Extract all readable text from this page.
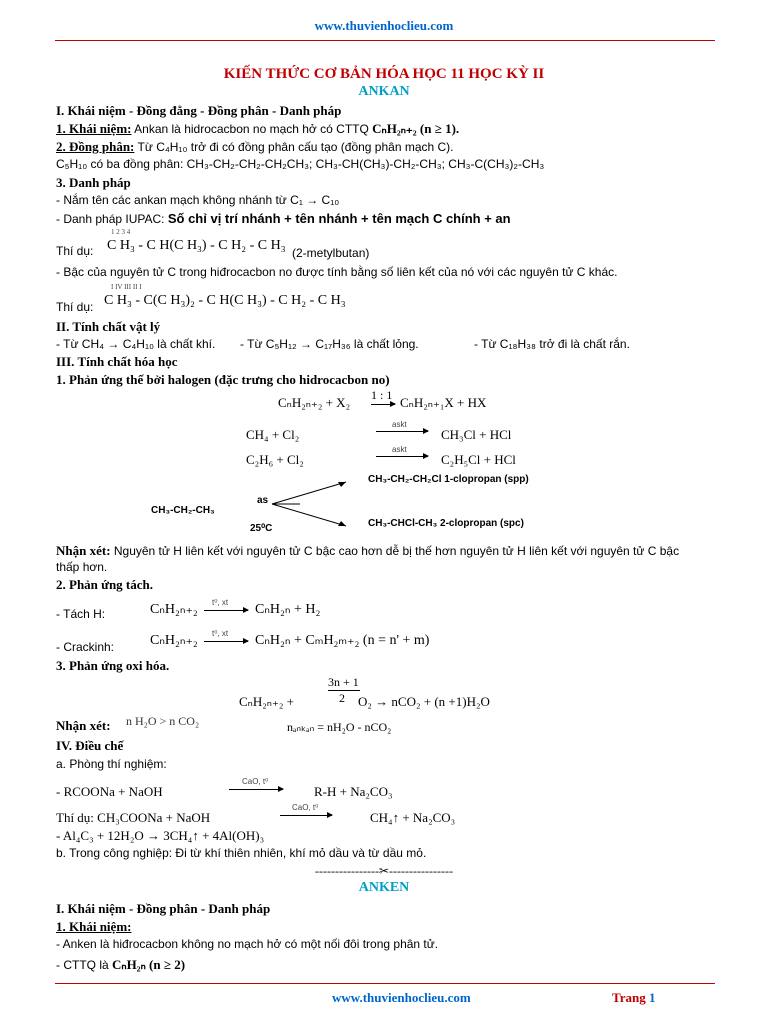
www.thuvienhoclieu.com
KIẾN THỨC CƠ BẢN HÓA HỌC 11 HỌC KỲ II
ANKAN
I. Khái niệm - Đồng đẳng - Đồng phân - Danh pháp
1. Khái niệm: Ankan là hidrocacbon no mạch hở có CTTQ CₙH₂ₙ₊₂ (n ≥ 1).
2. Đồng phân: Từ C₄H₁₀ trở đi có đồng phân cấu tạo (đồng phân mạch C).
C₅H₁₀ có ba đồng phân: CH₃-CH₂-CH₂-CH₂CH₃; CH₃-CH(CH₃)-CH₂-CH₃; CH₃-C(CH₃)₂-CH₃
3. Danh pháp
- Nắm tên các ankan mạch không nhánh từ C₁ → C₁₀
- Danh pháp IUPAC: Số chỉ vị trí nhánh + tên nhánh + tên mạch C chính + an
Thí dụ:
1 2 3 4
C H₃ - C H(C H₃) - C H₂ - C H₃ (2-metylbutan)
- Bậc của nguyên tử C trong hiđrocacbon no được tính bằng số liên kết của nó với các nguyên tử C khác.
Thí dụ:
I IV III II I
C H₃ - C(C H₃)₂ - C H(C H₃) - C H₂ - C H₃
II. Tính chất vật lý
- Từ CH₄ → C₄H₁₀ là chất khí. - Từ C₅H₁₂ → C₁₇H₃₆ là chất lỏng.	- Từ C₁₈H₃₈ trở đi là chất rắn.
III. Tính chất hóa học
1. Phản ứng thế bởi halogen (đặc trưng cho hidrocacbon no)
CₙH₂ₙ₊₂ + X₂ 1 : 1 CₙH₂ₙ₊₁X + HX
CH₄ + Cl₂
askt
CH₃Cl + HCl
C₂H₆ + Cl₂
askt
C₂H₅Cl + HCl
CH₃-CH₂-CH₃
as
25⁰C
CH₃-CH₂-CH₂Cl 1-clopropan (spp)
CH₃-CHCl-CH₃ 2-clopropan (spc)
Nhận xét: Nguyên tử H liên kết với nguyên tử C bậc cao hơn dễ bị thế hơn nguyên tử H liên kết với nguyên tử C bậc
thấp hơn.
2. Phản ứng tách.
- Tách H:	CₙH₂ₙ₊₂ t⁰, xt CₙH₂ₙ + H₂
- Crackinh:	CₙH₂ₙ₊₂ t⁰, xt CₙH₂ₙ + CₘH₂ₘ₊₂ (n = n' + m)
3. Phản ứng oxi hóa.
3n + 1
2
CₙH₂ₙ₊₂ +	O₂ → nCO₂ + (n +1)H₂O
Nhận xét: n H₂O > n CO₂	nₐₙₖₐₙ = nH₂O - nCO₂
IV. Điều chế
a. Phòng thí nghiệm:
- RCOONa + NaOH
CaO, t⁰
R-H + Na₂CO₃
Thí dụ: CH₃COONa + NaOH
CaO, t⁰
CH₄↑ + Na₂CO₃
- Al₄C₃ + 12H₂O → 3CH₄↑ + 4Al(OH)₃
b. Trong công nghiệp: Đi từ khí thiên nhiên, khí mỏ dầu và từ dầu mỏ.
----------------✂----------------
ANKEN
I. Khái niệm - Đồng phân - Danh pháp
1. Khái niệm:
- Anken là hiđrocacbon không no mạch hở có một nối đôi trong phân tử.
- CTTQ là CₙH₂ₙ (n ≥ 2)
www.thuvienhoclieu.com	Trang 1
